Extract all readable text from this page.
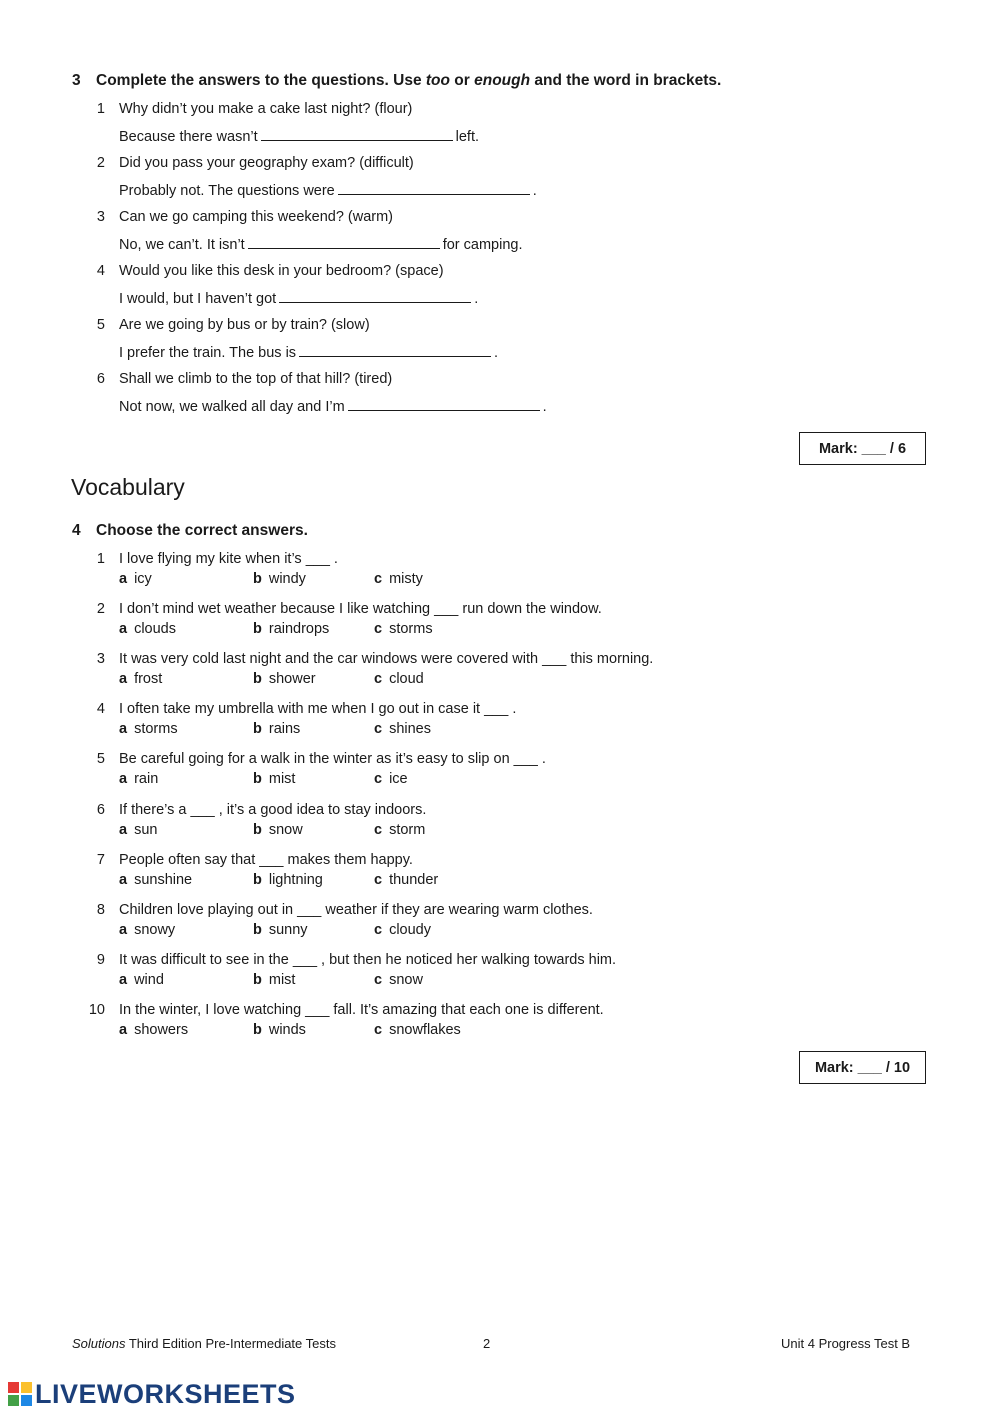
3 Complete the answers to the questions. Use too or enough and the word in brackets.
1 Why didn’t you make a cake last night? (flour)
Because there wasn’t	left.
2 Did you pass your geography exam? (difficult)
Probably not. The questions were	.
3 Can we go camping this weekend? (warm)
No, we can’t. It isn’t	for camping.
4 Would you like this desk in your bedroom? (space)
I would, but I haven’t got	.
5 Are we going by bus or by train? (slow)
I prefer the train. The bus is	.
6 Shall we climb to the top of that hill? (tired)
Not now, we walked all day and I’m	.
Mark: ___ / 6
Vocabulary
4 Choose the correct answers.
1 I love flying my kite when it’s ___ .
a icy	b windy	c misty
2 I don’t mind wet weather because I like watching ___ run down the window.
a clouds	b raindrops	c storms
3 It was very cold last night and the car windows were covered with ___ this morning.
a frost	b shower	c cloud
4 I often take my umbrella with me when I go out in case it ___ .
a storms	b rains	c shines
5 Be careful going for a walk in the winter as it’s easy to slip on ___ .
a rain	b mist	c ice
6 If there’s a ___ , it’s a good idea to stay indoors.
a sun	b snow	c storm
7 People often say that ___ makes them happy.
a sunshine	b lightning	c thunder
8 Children love playing out in ___ weather if they are wearing warm clothes.
a snowy	b sunny	c cloudy
9 It was difficult to see in the ___ , but then he noticed her walking towards him.
a wind	b mist	c snow
10 In the winter, I love watching ___ fall. It’s amazing that each one is different.
a showers	b winds	c snowflakes
Mark: ___ / 10
Solutions Third Edition Pre-Intermediate Tests	2	Unit 4 Progress Test B
LIVEWORKSHEETS
